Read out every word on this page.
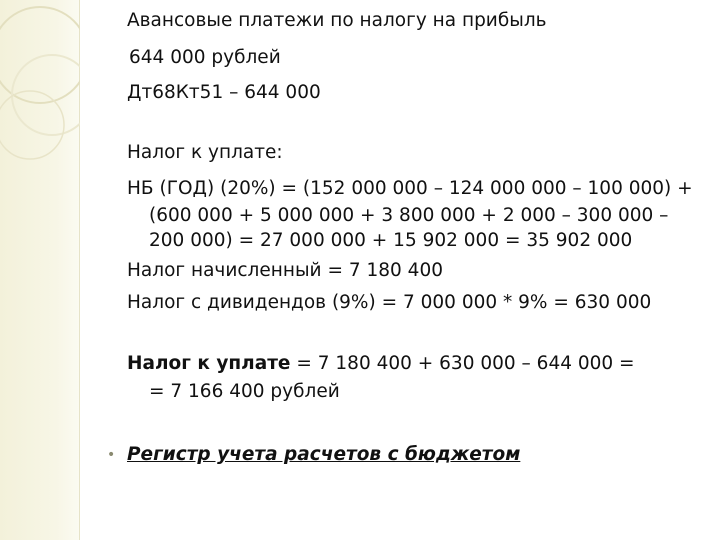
Авансовые платежи по налогу на прибыль
644 000 рублей
Дт68Кт51 – 644 000
Налог к уплате:
НБ (ГОД) (20%) = (152 000 000 – 124 000 000 – 100 000) +
(600 000 + 5 000 000 + 3 800 000 + 2 000 – 300 000 –
200 000) = 27 000 000 + 15 902 000 = 35 902 000
Налог начисленный = 7 180 400
Налог с дивидендов (9%) = 7 000 000 * 9% = 630 000
Налог к уплате = 7 180 400 + 630 000 – 644 000 =
= 7 166 400 рублей
• Регистр учета расчетов с бюджетом
